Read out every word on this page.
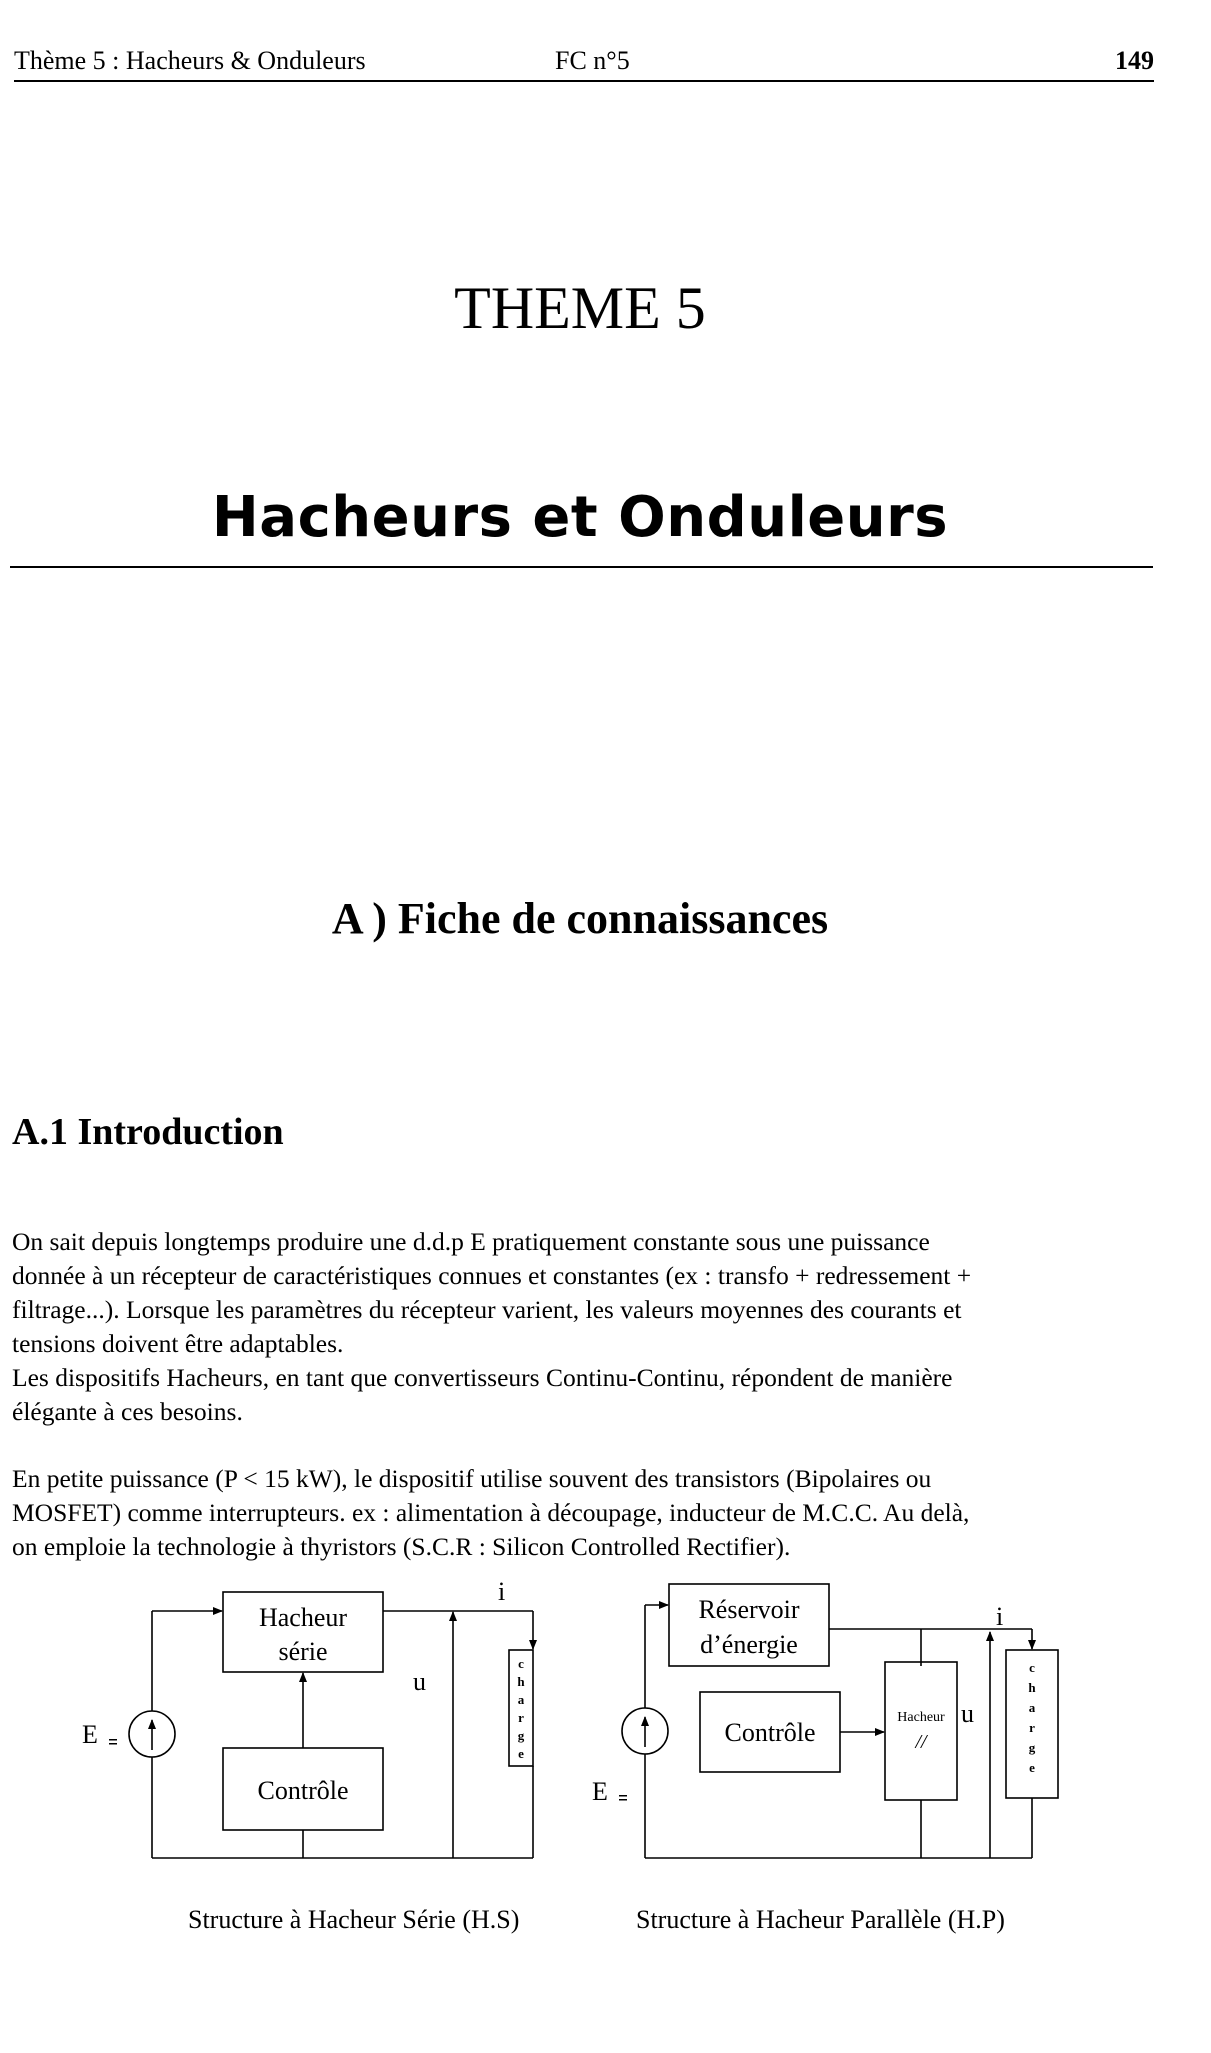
Thème 5 : Hacheurs & Onduleurs	FC n°5	149
THEME 5
Hacheurs et Onduleurs
A ) Fiche de connaissances
A.1 Introduction
On sait depuis longtemps produire une d.d.p E pratiquement constante sous une puissance
donnée à un récepteur de caractéristiques connues et constantes (ex : transfo + redressement +
filtrage...). Lorsque les paramètres du récepteur varient, les valeurs moyennes des courants et
tensions doivent être adaptables.
Les dispositifs Hacheurs, en tant que convertisseurs Continu-Continu, répondent de manière
élégante à ces besoins.
En petite puissance (P < 15 kW), le dispositif utilise souvent des transistors (Bipolaires ou
MOSFET) comme interrupteurs. ex : alimentation à découpage, inducteur de M.C.C. Au delà,
on emploie la technologie à thyristors (S.C.R : Silicon Controlled Rectifier).
Hacheur
série
Contrôle
E
i
u
c
h
a
r
g
e
Réservoir
d’énergie
Contrôle
E
i
u
Hacheur
//
c
h
a
r
g
e
Structure à Hacheur Série (H.S)	Structure à Hacheur Parallèle (H.P)
